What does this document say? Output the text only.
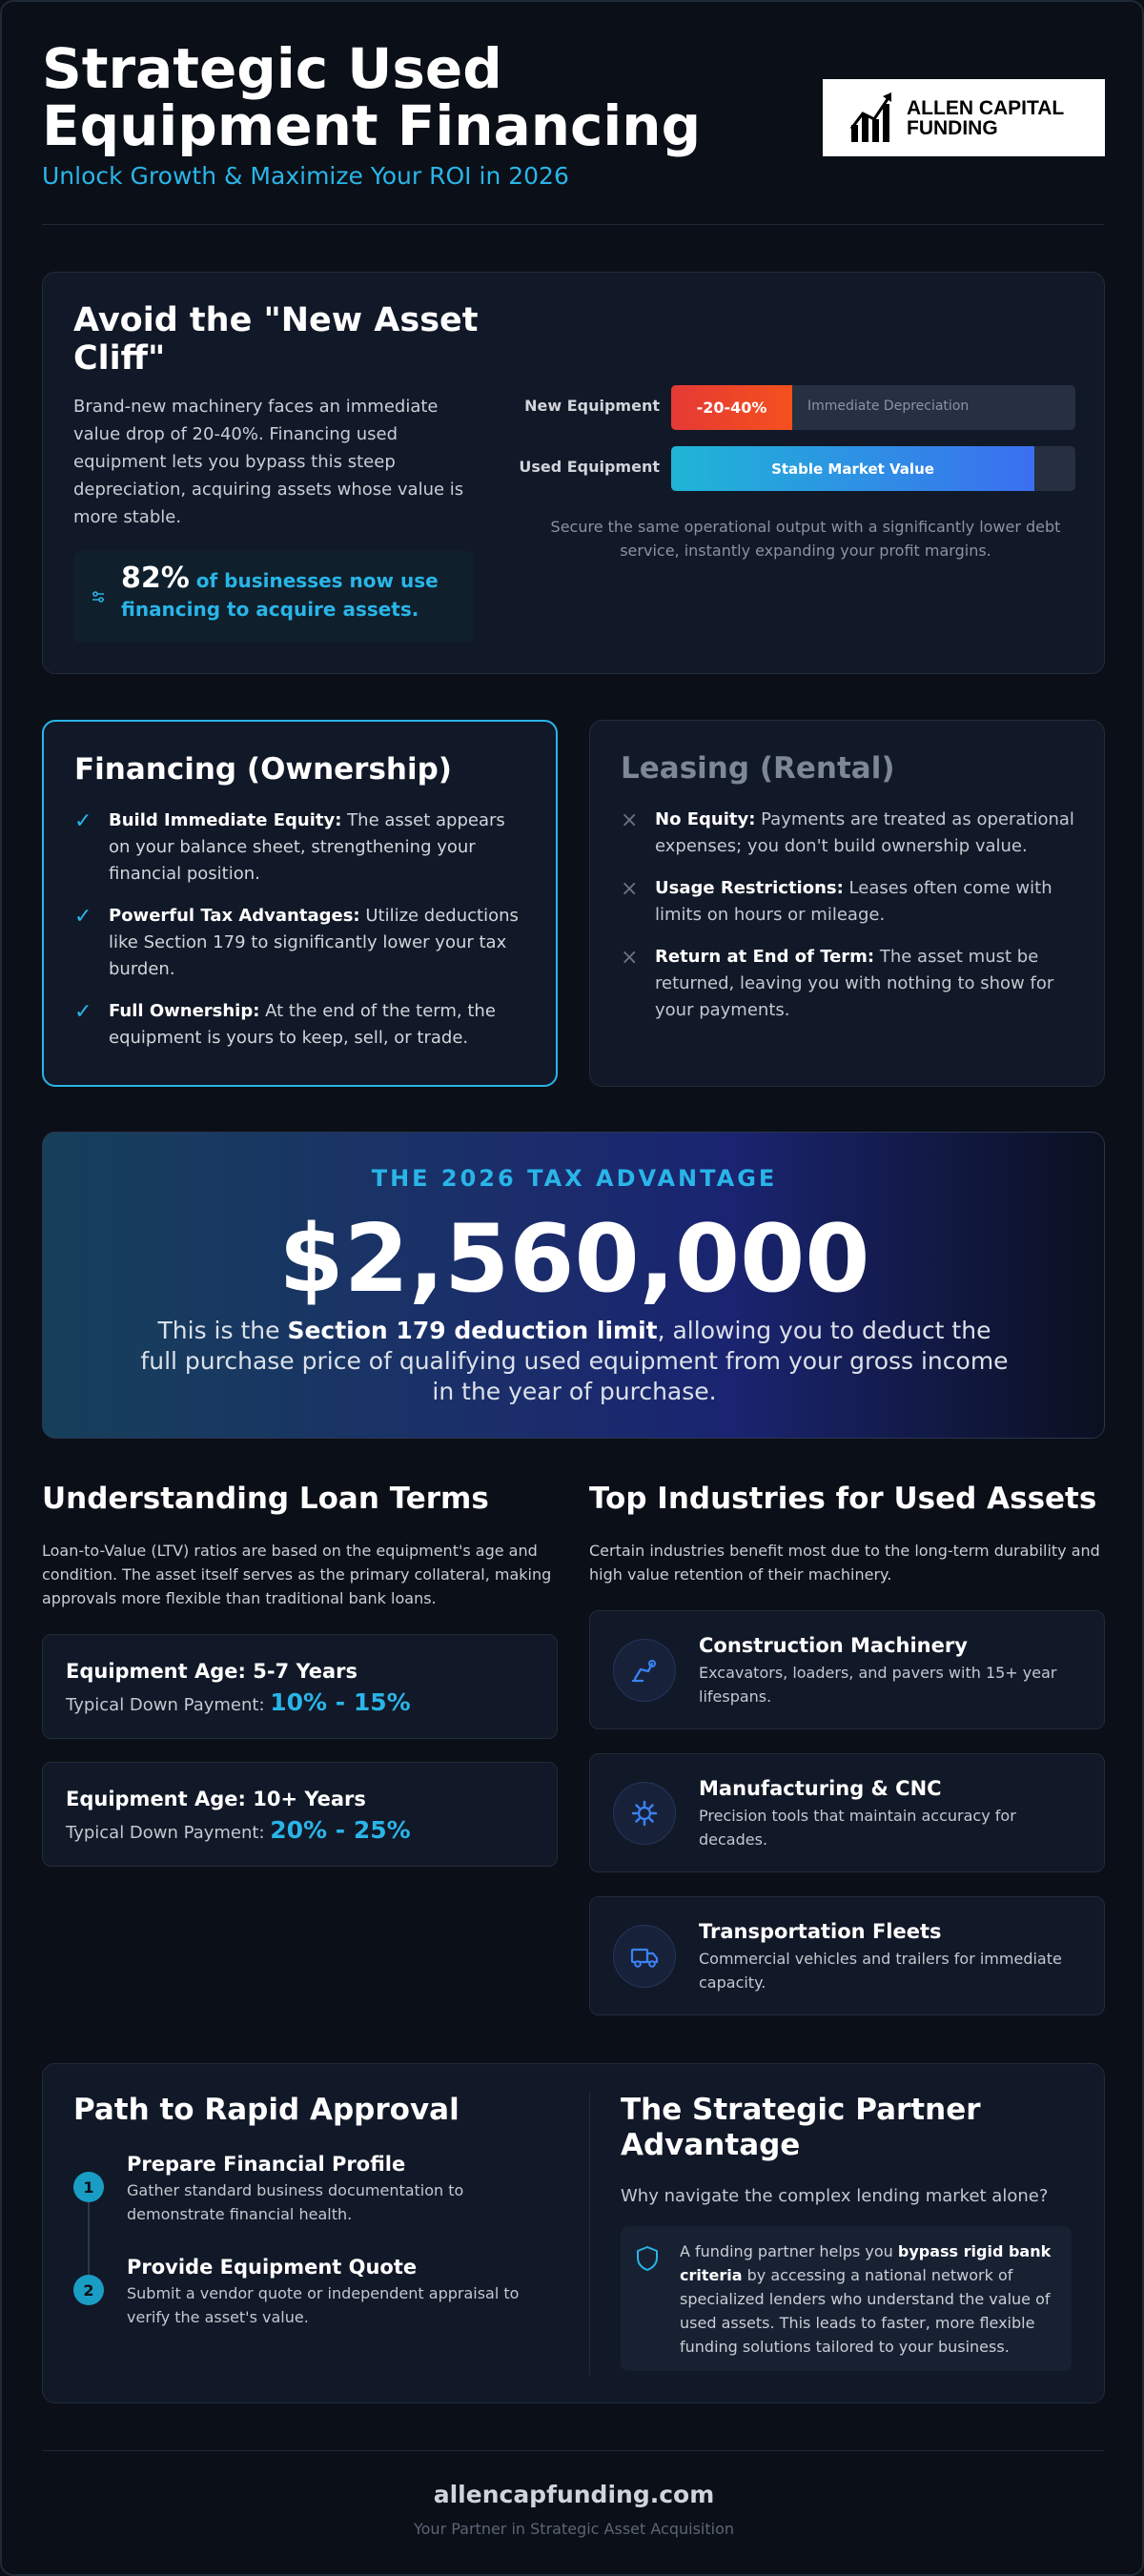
Strategic Used Equipment Financing
Unlock Growth & Maximize Your ROI in 2026
ALLEN CAPITAL
FUNDING
Avoid the "New Asset Cliff"
Brand-new machinery faces an immediate value drop of 20-40%. Financing used equipment lets you bypass this steep depreciation, acquiring assets whose value is more stable.
82% of businesses now use financing to acquire assets.
New Equipment	-20-40%	Immediate Depreciation
Used Equipment	Stable Market Value
Secure the same operational output with a significantly lower debt service, instantly expanding your profit margins.
Financing (Ownership)
✓ Build Immediate Equity: The asset appears on your balance sheet, strengthening your financial position.
✓ Powerful Tax Advantages: Utilize deductions like Section 179 to significantly lower your tax burden.
✓ Full Ownership: At the end of the term, the equipment is yours to keep, sell, or trade.
Leasing (Rental)
× No Equity: Payments are treated as operational expenses; you don't build ownership value.
× Usage Restrictions: Leases often come with limits on hours or mileage.
× Return at End of Term: The asset must be returned, leaving you with nothing to show for your payments.
THE 2026 TAX ADVANTAGE
$2,560,000
This is the Section 179 deduction limit, allowing you to deduct the full purchase price of qualifying used equipment from your gross income in the year of purchase.
Understanding Loan Terms
Loan-to-Value (LTV) ratios are based on the equipment's age and condition. The asset itself serves as the primary collateral, making approvals more flexible than traditional bank loans.
Equipment Age: 5-7 Years
Typical Down Payment: 10% - 15%
Equipment Age: 10+ Years
Typical Down Payment: 20% - 25%
Top Industries for Used Assets
Certain industries benefit most due to the long-term durability and high value retention of their machinery.
Construction Machinery
Excavators, loaders, and pavers with 15+ year lifespans.
Manufacturing & CNC
Precision tools that maintain accuracy for decades.
Transportation Fleets
Commercial vehicles and trailers for immediate capacity.
Path to Rapid Approval
1
Prepare Financial Profile
Gather standard business documentation to demonstrate financial health.
2
Provide Equipment Quote
Submit a vendor quote or independent appraisal to verify the asset's value.
The Strategic Partner Advantage
Why navigate the complex lending market alone?
A funding partner helps you bypass rigid bank criteria by accessing a national network of specialized lenders who understand the value of used assets. This leads to faster, more flexible funding solutions tailored to your business.
allencapfunding.com
Your Partner in Strategic Asset Acquisition
